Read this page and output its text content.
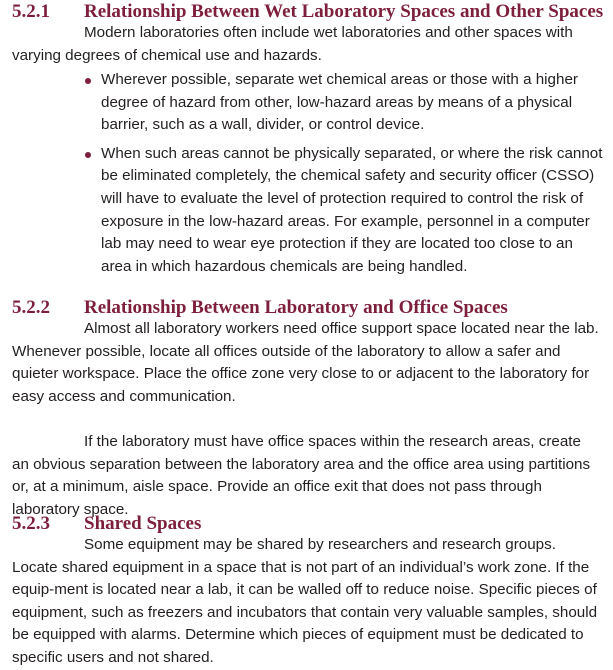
5.2.1 Relationship Between Wet Laboratory Spaces and Other Spaces

Modern laboratories often include wet laboratories and other spaces with varying degrees of chemical use and hazards.

Wherever possible, separate wet chemical areas or those with a higher degree of hazard from other, low-hazard areas by means of a physical barrier, such as a wall, divider, or control device.
When such areas cannot be physically separated, or where the risk cannot be eliminated completely, the chemical safety and security officer (CSSO) will have to evaluate the level of protection required to control the risk of exposure in the low-hazard areas. For example, personnel in a computer lab may need to wear eye protection if they are located too close to an area in which hazardous chemicals are being handled.
5.2.2 Relationship Between Laboratory and Office Spaces

Almost all laboratory workers need office support space located near the lab. Whenever possible, locate all offices outside of the laboratory to allow a safer and quieter workspace. Place the office zone very close to or adjacent to the laboratory for easy access and communication.

If the laboratory must have office spaces within the research areas, create an obvious separation between the laboratory area and the office area using partitions or, at a minimum, aisle space. Provide an office exit that does not pass through laboratory space.

5.2.3 Shared Spaces

Some equipment may be shared by researchers and research groups. Locate shared equipment in a space that is not part of an individual’s work zone. If the equip-ment is located near a lab, it can be walled off to reduce noise. Specific pieces of equipment, such as freezers and incubators that contain very valuable samples, should be equipped with alarms. Determine which pieces of equipment must be dedicated to specific users and not shared.
